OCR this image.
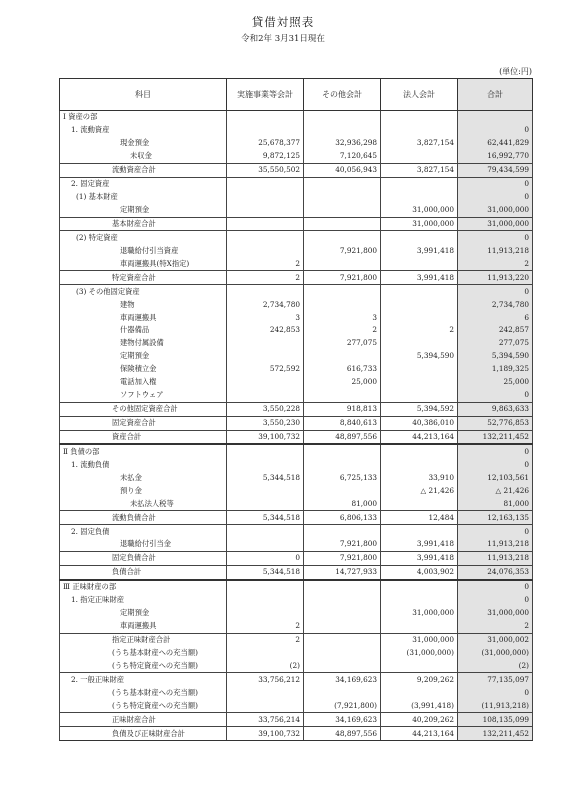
貸借対照表
令和2年 3月31日現在
(単位:円)
科目	実施事業等会計	その他会計	法人会計	合計
Ⅰ 資産の部				
1. 流動資産				0
現金預金	25,678,377	32,936,298	3,827,154	62,441,829
未収金	9,872,125	7,120,645		16,992,770
流動資産合計	35,550,502	40,056,943	3,827,154	79,434,599
2. 固定資産				0
(1) 基本財産				0
定期預金			31,000,000	31,000,000
基本財産合計			31,000,000	31,000,000
(2) 特定資産				0
退職給付引当資産		7,921,800	3,991,418	11,913,218
車両運搬具(特X指定)	2			2
特定資産合計	2	7,921,800	3,991,418	11,913,220
(3) その他固定資産				0
建物	2,734,780			2,734,780
車両運搬具	3	3		6
什器備品	242,853	2	2	242,857
建物付属設備		277,075		277,075
定期預金			5,394,590	5,394,590
保険積立金	572,592	616,733		1,189,325
電話加入権		25,000		25,000
ソフトウェア				0
その他固定資産合計	3,550,228	918,813	5,394,592	9,863,633
固定資産合計	3,550,230	8,840,613	40,386,010	52,776,853
資産合計	39,100,732	48,897,556	44,213,164	132,211,452
Ⅱ 負債の部				0
1. 流動負債				0
未払金	5,344,518	6,725,133	33,910	12,103,561
預り金			△ 21,426	△ 21,426
未払法人税等		81,000		81,000
流動負債合計	5,344,518	6,806,133	12,484	12,163,135
2. 固定負債				0
退職給付引当金		7,921,800	3,991,418	11,913,218
固定負債合計	0	7,921,800	3,991,418	11,913,218
負債合計	5,344,518	14,727,933	4,003,902	24,076,353
Ⅲ 正味財産の部				0
1. 指定正味財産				0
定期預金			31,000,000	31,000,000
車両運搬具	2			2
指定正味財産合計	2		31,000,000	31,000,002
(うち基本財産への充当額)			(31,000,000)	(31,000,000)
(うち特定資産への充当額)	(2)			(2)
2. 一般正味財産	33,756,212	34,169,623	9,209,262	77,135,097
(うち基本財産への充当額)				0
(うち特定資産への充当額)		(7,921,800)	(3,991,418)	(11,913,218)
正味財産合計	33,756,214	34,169,623	40,209,262	108,135,099
負債及び正味財産合計	39,100,732	48,897,556	44,213,164	132,211,452
